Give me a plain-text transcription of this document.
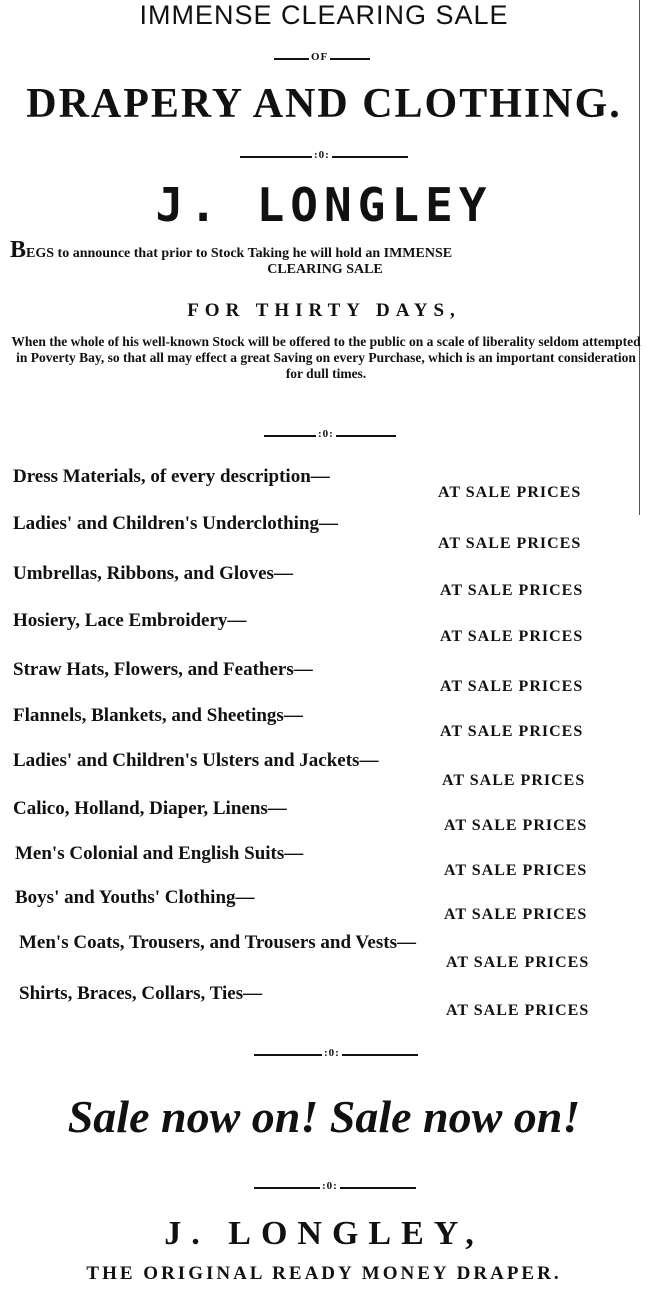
IMMENSE CLEARING SALE
OF
DRAPERY AND CLOTHING.
:0:
J. LONGLEY
BEGS to announce that prior to Stock Taking he will hold an IMMENSE
CLEARING SALE
FOR THIRTY DAYS,
When the whole of his well-known Stock will be offered to the public on a scale of liberality seldom attempted in Poverty Bay, so that all may effect a great Saving on every Purchase, which is an important consideration for dull times.
:0:
Dress Materials, of every description—
AT SALE PRICES
Ladies' and Children's Underclothing—
AT SALE PRICES
Umbrellas, Ribbons, and Gloves—
AT SALE PRICES
Hosiery, Lace Embroidery—
AT SALE PRICES
Straw Hats, Flowers, and Feathers—
AT SALE PRICES
Flannels, Blankets, and Sheetings—
AT SALE PRICES
Ladies' and Children's Ulsters and Jackets—
AT SALE PRICES
Calico, Holland, Diaper, Linens—
AT SALE PRICES
Men's Colonial and English Suits—
AT SALE PRICES
Boys' and Youths' Clothing—
AT SALE PRICES
Men's Coats, Trousers, and Trousers and Vests—
AT SALE PRICES
Shirts, Braces, Collars, Ties—
AT SALE PRICES
:0:
Sale now on! Sale now on!
:0:
J. LONGLEY,
THE ORIGINAL READY MONEY DRAPER.
